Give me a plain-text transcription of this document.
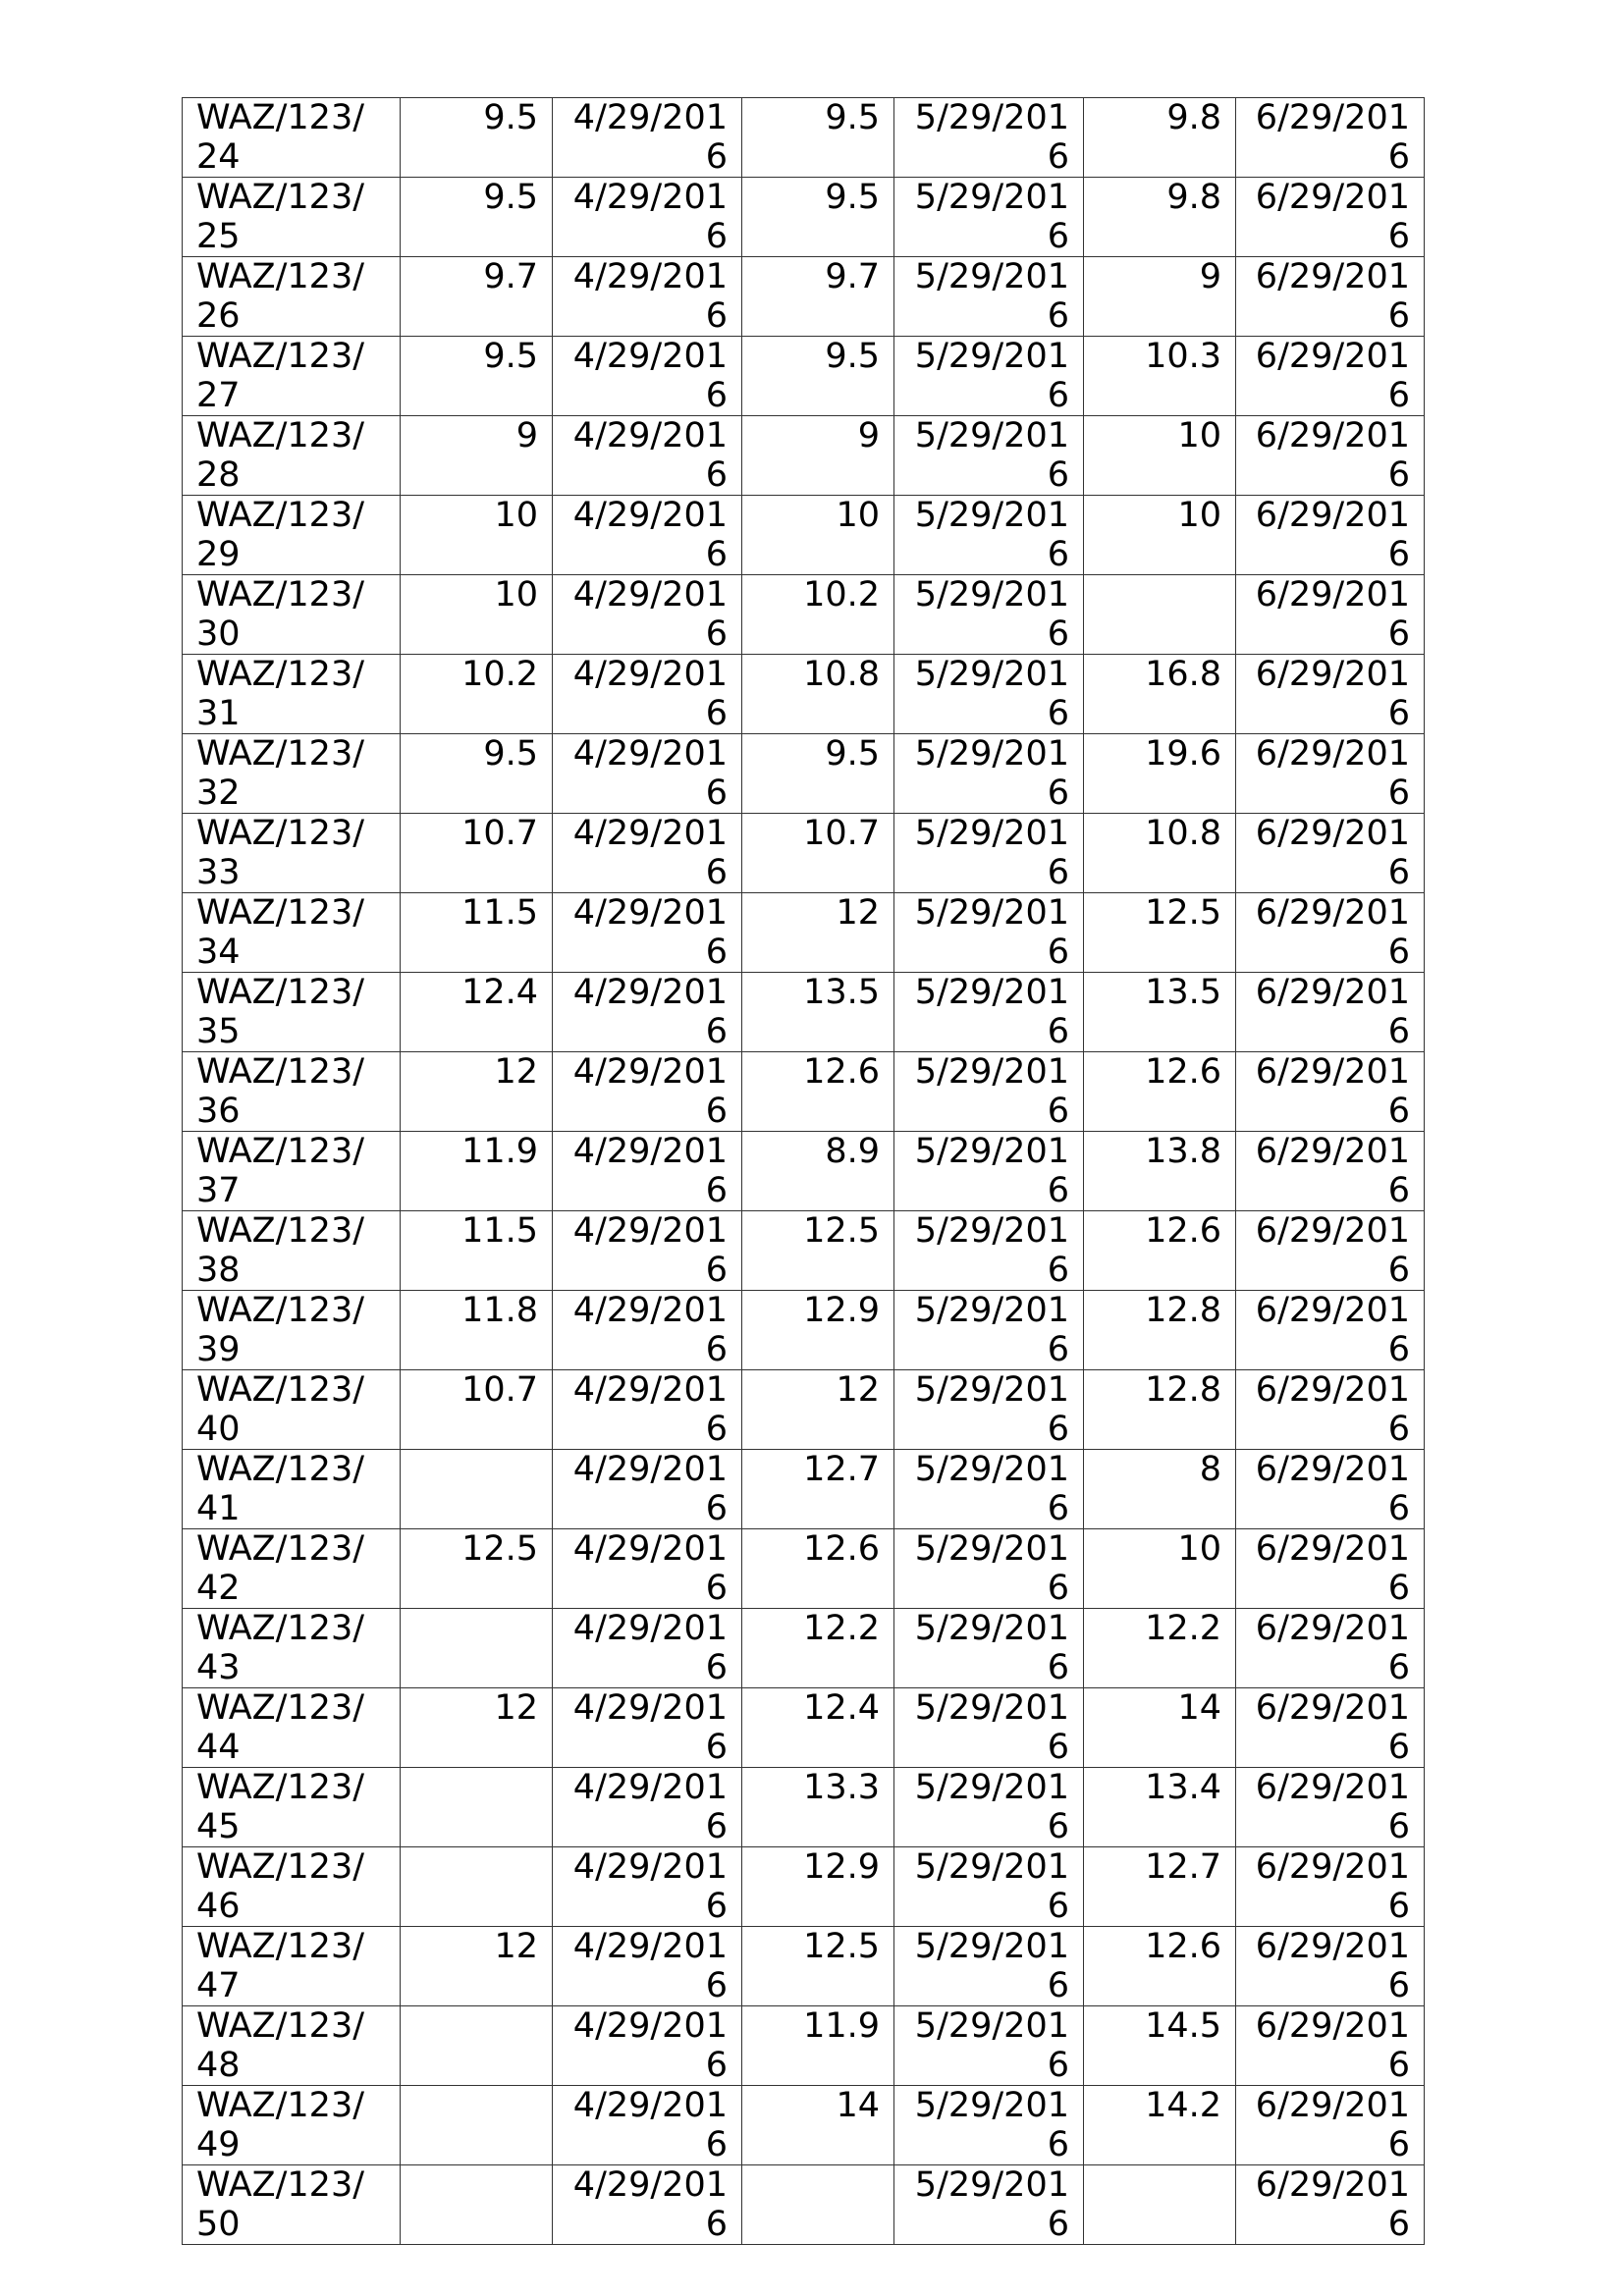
WAZ/123/24	9.5	4/29/2016	9.5	5/29/2016	9.8	6/29/2016
WAZ/123/25	9.5	4/29/2016	9.5	5/29/2016	9.8	6/29/2016
WAZ/123/26	9.7	4/29/2016	9.7	5/29/2016	9	6/29/2016
WAZ/123/27	9.5	4/29/2016	9.5	5/29/2016	10.3	6/29/2016
WAZ/123/28	9	4/29/2016	9	5/29/2016	10	6/29/2016
WAZ/123/29	10	4/29/2016	10	5/29/2016	10	6/29/2016
WAZ/123/30	10	4/29/2016	10.2	5/29/2016		6/29/2016
WAZ/123/31	10.2	4/29/2016	10.8	5/29/2016	16.8	6/29/2016
WAZ/123/32	9.5	4/29/2016	9.5	5/29/2016	19.6	6/29/2016
WAZ/123/33	10.7	4/29/2016	10.7	5/29/2016	10.8	6/29/2016
WAZ/123/34	11.5	4/29/2016	12	5/29/2016	12.5	6/29/2016
WAZ/123/35	12.4	4/29/2016	13.5	5/29/2016	13.5	6/29/2016
WAZ/123/36	12	4/29/2016	12.6	5/29/2016	12.6	6/29/2016
WAZ/123/37	11.9	4/29/2016	8.9	5/29/2016	13.8	6/29/2016
WAZ/123/38	11.5	4/29/2016	12.5	5/29/2016	12.6	6/29/2016
WAZ/123/39	11.8	4/29/2016	12.9	5/29/2016	12.8	6/29/2016
WAZ/123/40	10.7	4/29/2016	12	5/29/2016	12.8	6/29/2016
WAZ/123/41		4/29/2016	12.7	5/29/2016	8	6/29/2016
WAZ/123/42	12.5	4/29/2016	12.6	5/29/2016	10	6/29/2016
WAZ/123/43		4/29/2016	12.2	5/29/2016	12.2	6/29/2016
WAZ/123/44	12	4/29/2016	12.4	5/29/2016	14	6/29/2016
WAZ/123/45		4/29/2016	13.3	5/29/2016	13.4	6/29/2016
WAZ/123/46		4/29/2016	12.9	5/29/2016	12.7	6/29/2016
WAZ/123/47	12	4/29/2016	12.5	5/29/2016	12.6	6/29/2016
WAZ/123/48		4/29/2016	11.9	5/29/2016	14.5	6/29/2016
WAZ/123/49		4/29/2016	14	5/29/2016	14.2	6/29/2016
WAZ/123/50		4/29/2016		5/29/2016		6/29/2016
